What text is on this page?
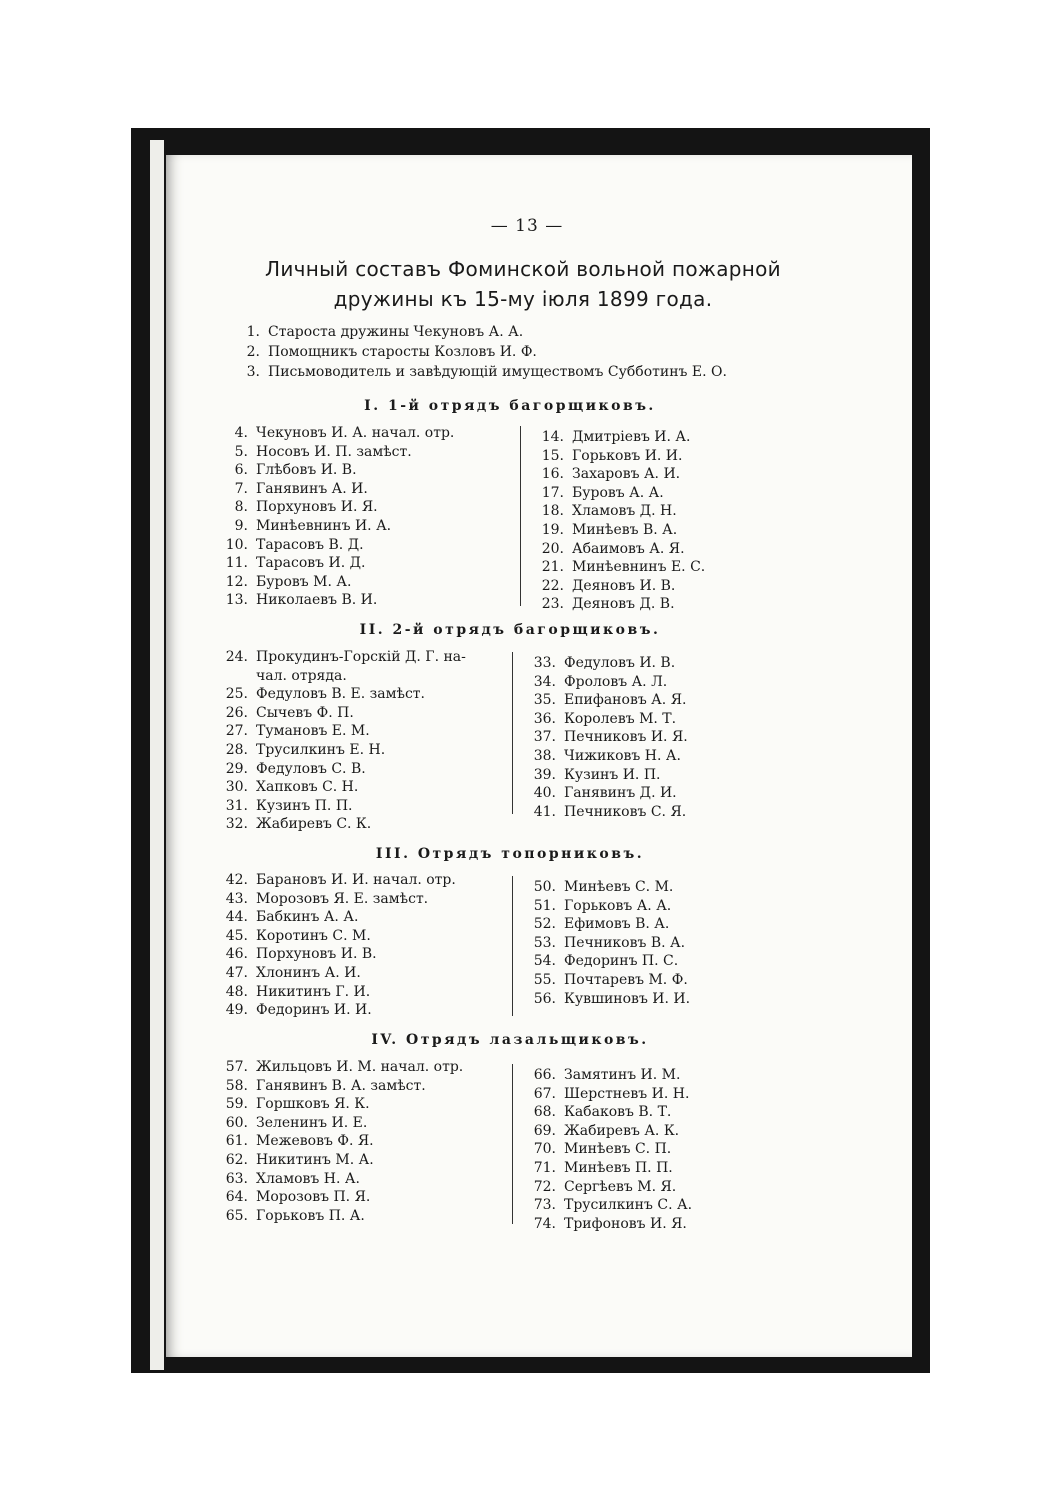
— 13 —
Личный составъ Фоминской вольной пожарной дружины къ 15-му іюля 1899 года.
1. Староста дружины Чекуновъ А. А.
2. Помощникъ старосты Козловъ И. Ф.
3. Письмоводитель и завѣдующій имуществомъ Субботинъ Е. О.
I. 1-й отрядъ багорщиковъ.
4. Чекуновъ И. А. начал. отр.
5. Носовъ И. П. замѣст.
6. Глѣбовъ И. В.
7. Ганявинъ А. И.
8. Порхуновъ И. Я.
9. Минѣевнинъ И. А.
10. Тарасовъ В. Д.
11. Тарасовъ И. Д.
12. Буровъ М. А.
13. Николаевъ В. И.
14. Дмитріевъ И. А.
15. Горьковъ И. И.
16. Захаровъ А. И.
17. Буровъ А. А.
18. Хламовъ Д. Н.
19. Минѣевъ В. А.
20. Абаимовъ А. Я.
21. Минѣевнинъ Е. С.
22. Деяновъ И. В.
23. Деяновъ Д. В.
II. 2-й отрядъ багорщиковъ.
24. Прокудинъ-Горскій Д. Г. на-
чал. отряда.
25. Федуловъ В. Е. замѣст.
26. Сычевъ Ф. П.
27. Тумановъ Е. М.
28. Трусилкинъ Е. Н.
29. Федуловъ С. В.
30. Хапковъ С. Н.
31. Кузинъ П. П.
32. Жабиревъ С. К.
33. Федуловъ И. В.
34. Фроловъ А. Л.
35. Епифановъ А. Я.
36. Королевъ М. Т.
37. Печниковъ И. Я.
38. Чижиковъ Н. А.
39. Кузинъ И. П.
40. Ганявинъ Д. И.
41. Печниковъ С. Я.
III. Отрядъ топорниковъ.
42. Барановъ И. И. начал. отр.
43. Морозовъ Я. Е. замѣст.
44. Бабкинъ А. А.
45. Коротинъ С. М.
46. Порхуновъ И. В.
47. Хлонинъ А. И.
48. Никитинъ Г. И.
49. Федоринъ И. И.
50. Минѣевъ С. М.
51. Горьковъ А. А.
52. Ефимовъ В. А.
53. Печниковъ В. А.
54. Федоринъ П. С.
55. Почтаревъ М. Ф.
56. Кувшиновъ И. И.
IV. Отрядъ лазальщиковъ.
57. Жильцовъ И. М. начал. отр.
58. Ганявинъ В. А. замѣст.
59. Горшковъ Я. К.
60. Зеленинъ И. Е.
61. Межевовъ Ф. Я.
62. Никитинъ М. А.
63. Хламовъ Н. А.
64. Морозовъ П. Я.
65. Горьковъ П. А.
66. Замятинъ И. М.
67. Шерстневъ И. Н.
68. Кабаковъ В. Т.
69. Жабиревъ А. К.
70. Минѣевъ С. П.
71. Минѣевъ П. П.
72. Сергѣевъ М. Я.
73. Трусилкинъ С. А.
74. Трифоновъ И. Я.
